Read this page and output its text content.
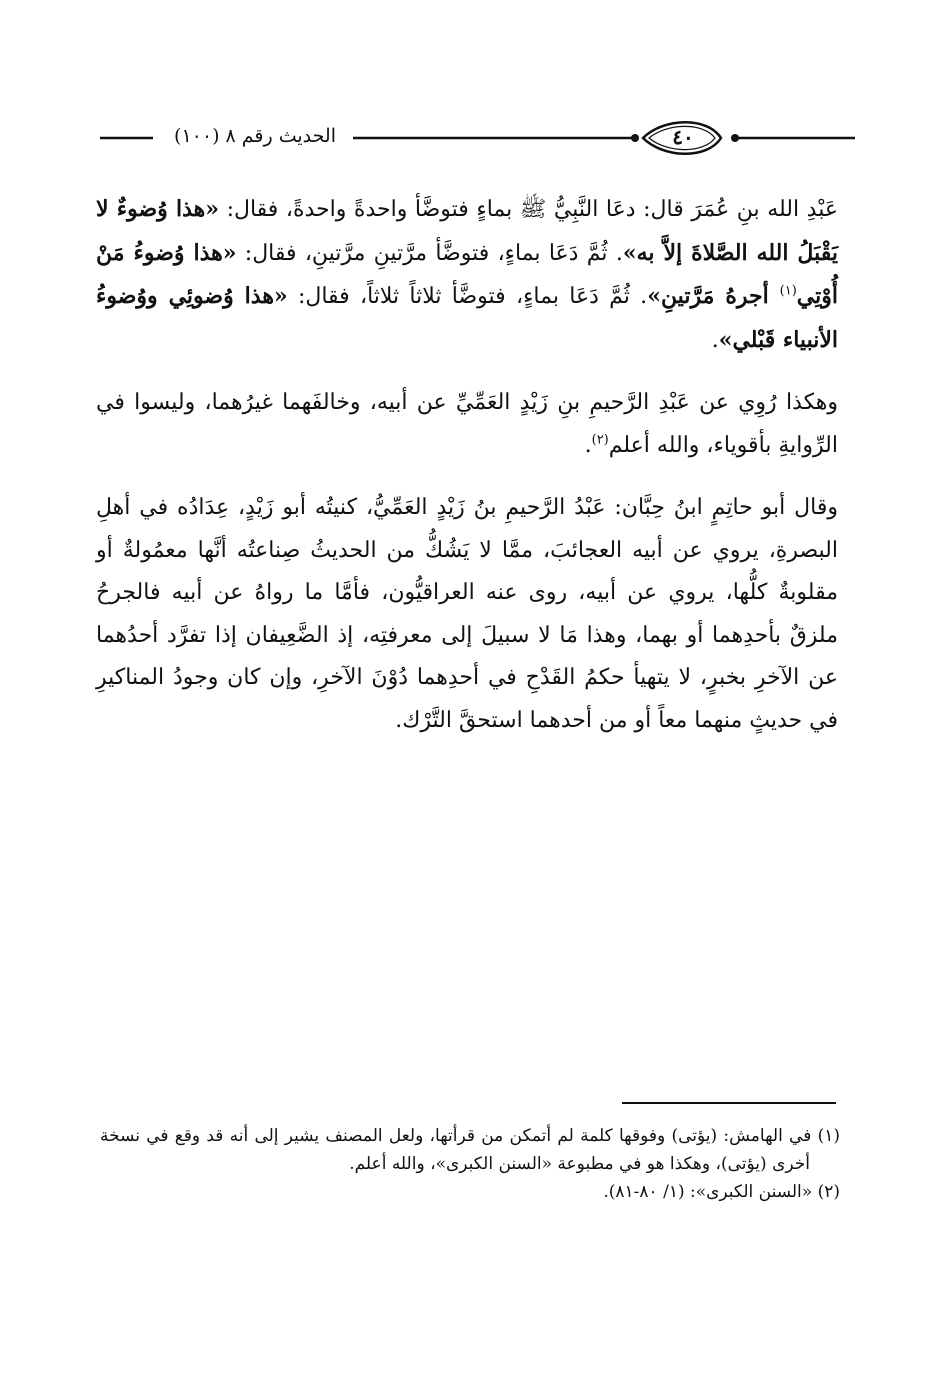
٤٠
الحديث رقم ٨ (١٠٠)

عَبْدِ الله بنِ عُمَرَ قال: دعَا النَّبِيُّ ﷺ بماءٍ فتوضَّأ واحدةً واحدةً، فقال: «هذا وُضوءٌ لا يَقْبَلُ الله الصَّلاةَ إلاَّ به». ثُمَّ دَعَا بماءٍ، فتوضَّأ مرَّتينِ مرَّتينِ، فقال: «هذا وُضوءُ مَنْ أُوْتِي$^{(١)}$ أجرهُ مَرَّتينِ». ثُمَّ دَعَا بماءٍ، فتوضَّأ ثلاثاً ثلاثاً، فقال: «هذا وُضوئِي ووُضوءُ الأنبياء قَبْلي».

وهكذا رُوِي عن عَبْدِ الرَّحيمِ بنِ زَيْدٍ العَمِّيِّ عن أبيه، وخالفَهما غيرُهما، وليسوا في الرِّوايةِ بأقوياء، والله أعلم$^{(٢)}$.

وقال أبو حاتِمٍ ابنُ حِبَّان: عَبْدُ الرَّحيمِ بنُ زَيْدٍ العَمِّيُّ، كنيتُه أبو زَيْدٍ، عِدَادُه في أهلِ البصرةِ، يروي عن أبيه العجائبَ، ممَّا لا يَشُكُّ من الحديثُ صِناعتُه أنَّها معمُولةٌ أو مقلوبةٌ كلُّها، يروي عن أبيه، روى عنه العراقيُّون، فأمَّا ما رواهُ عن أبيه فالجرحُ ملزقٌ بأحدِهما أو بهما، وهذا مَا لا سبيلَ إلى معرفتِه، إذ الضَّعِيفان إذا تفرَّد أحدُهما عن الآخرِ بخبرٍ، لا يتهيأ حكمُ القَدْحِ في أحدِهما دُوْنَ الآخرِ، وإن كان وجودُ المناكيرِ في حديثٍ منهما معاً أو من أحدهما استحقَّ التَّرْك.

(١) في الهامش: (يؤتى) وفوقها كلمة لم أتمكن من قرأتها، ولعل المصنف يشير إلى أنه قد وقع في نسخة أخرى (يؤتى)، وهكذا هو في مطبوعة «السنن الكبرى»، والله أعلم.

(٢) «السنن الكبرى»: (١/ ٨٠-٨١).
